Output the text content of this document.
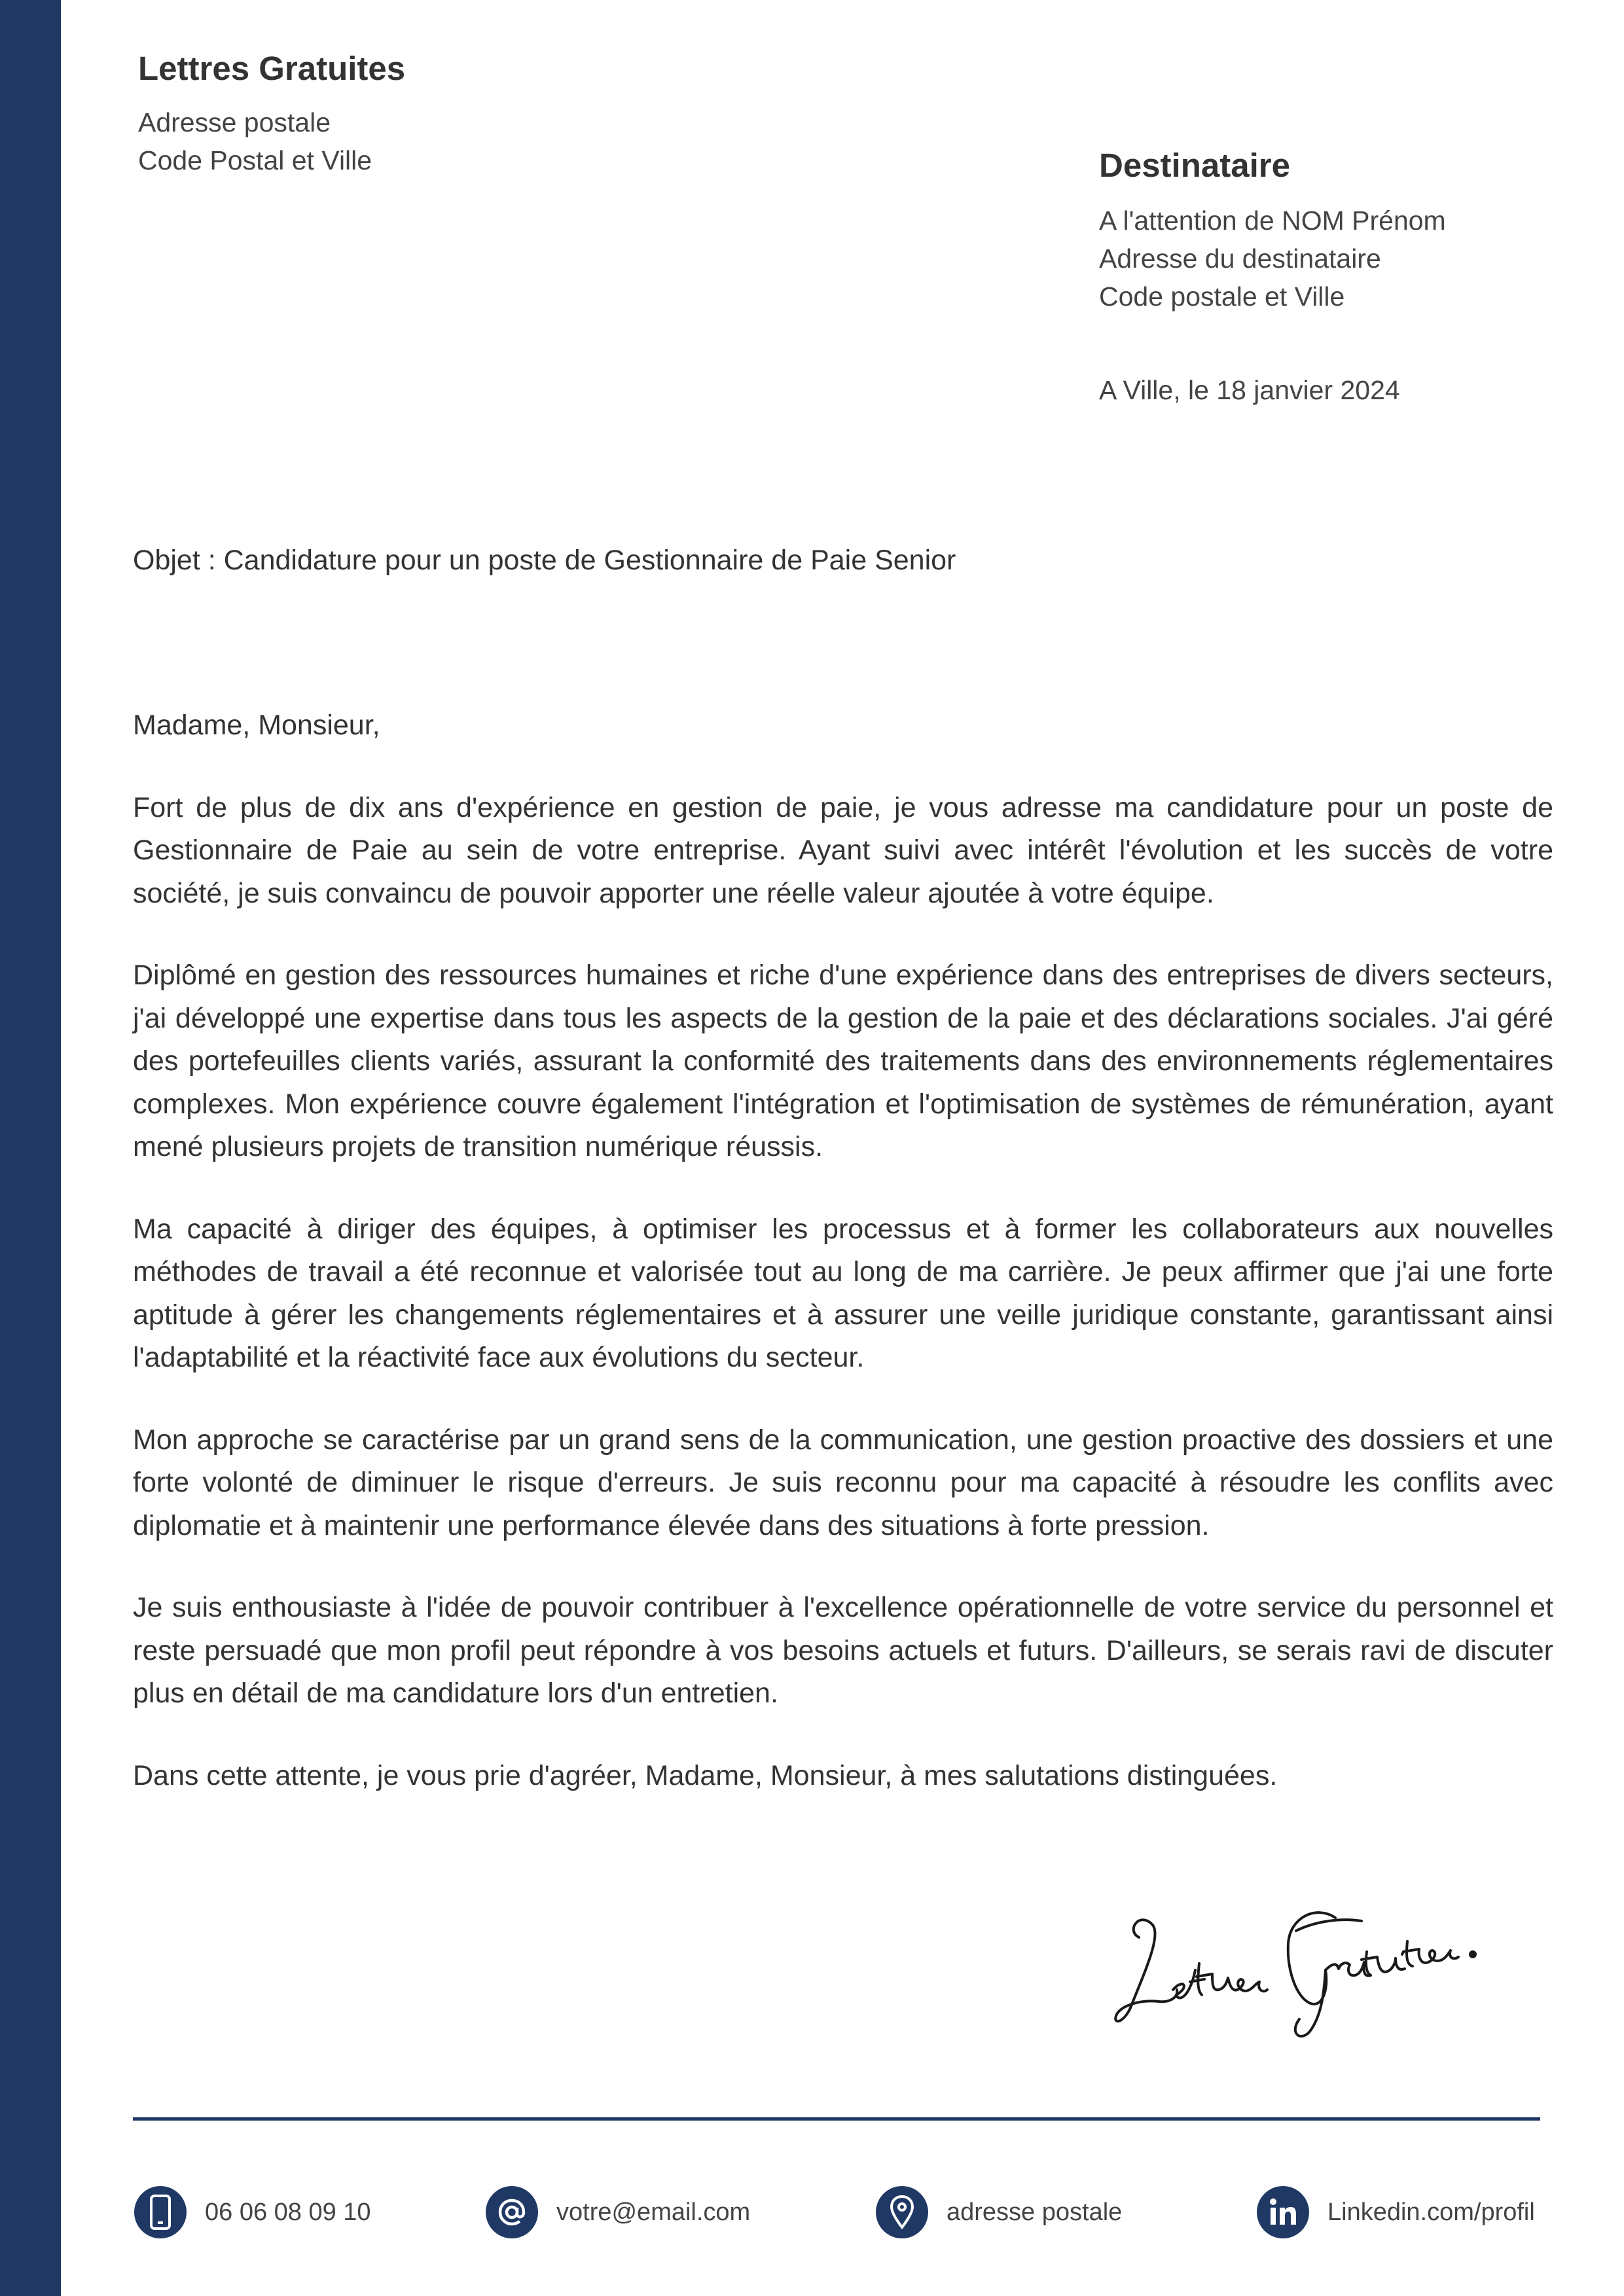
Lettres Gratuites
Adresse postale
Code Postal et Ville	Destinataire
A l'attention de NOM Prénom
Adresse du destinataire
Code postale et Ville
A Ville, le 18 janvier 2024
Objet : Candidature pour un poste de Gestionnaire de Paie Senior

Madame, Monsieur,

Fort de plus de dix ans d'expérience en gestion de paie, je vous adresse ma candidature pour un poste de Gestionnaire de Paie au sein de votre entreprise. Ayant suivi avec intérêt l'évolution et les succès de votre société, je suis convaincu de pouvoir apporter une réelle valeur ajoutée à votre équipe.

Diplômé en gestion des ressources humaines et riche d'une expérience dans des entreprises de divers secteurs, j'ai développé une expertise dans tous les aspects de la gestion de la paie et des déclarations sociales. J'ai géré des portefeuilles clients variés, assurant la conformité des traitements dans des environnements réglementaires complexes. Mon expérience couvre également l'intégration et l'optimisation de systèmes de rémunération, ayant mené plusieurs projets de transition numérique réussis.

Ma capacité à diriger des équipes, à optimiser les processus et à former les collaborateurs aux nouvelles méthodes de travail a été reconnue et valorisée tout au long de ma carrière. Je peux affirmer que j'ai une forte aptitude à gérer les changements réglementaires et à assurer une veille juridique constante, garantissant ainsi l'adaptabilité et la réactivité face aux évolutions du secteur.

Mon approche se caractérise par un grand sens de la communication, une gestion proactive des dossiers et une forte volonté de diminuer le risque d'erreurs. Je suis reconnu pour ma capacité à résoudre les conflits avec diplomatie et à maintenir une performance élevée dans des situations à forte pression.

Je suis enthousiaste à l'idée de pouvoir contribuer à l'excellence opérationnelle de votre service du personnel et reste persuadé que mon profil peut répondre à vos besoins actuels et futurs. D'ailleurs, se serais ravi de discuter plus en détail de ma candidature lors d'un entretien.

Dans cette attente, je vous prie d'agréer, Madame, Monsieur, à mes salutations distinguées.

06 06 08 09 10	votre@email.com	adresse postale	Linkedin.com/profil
